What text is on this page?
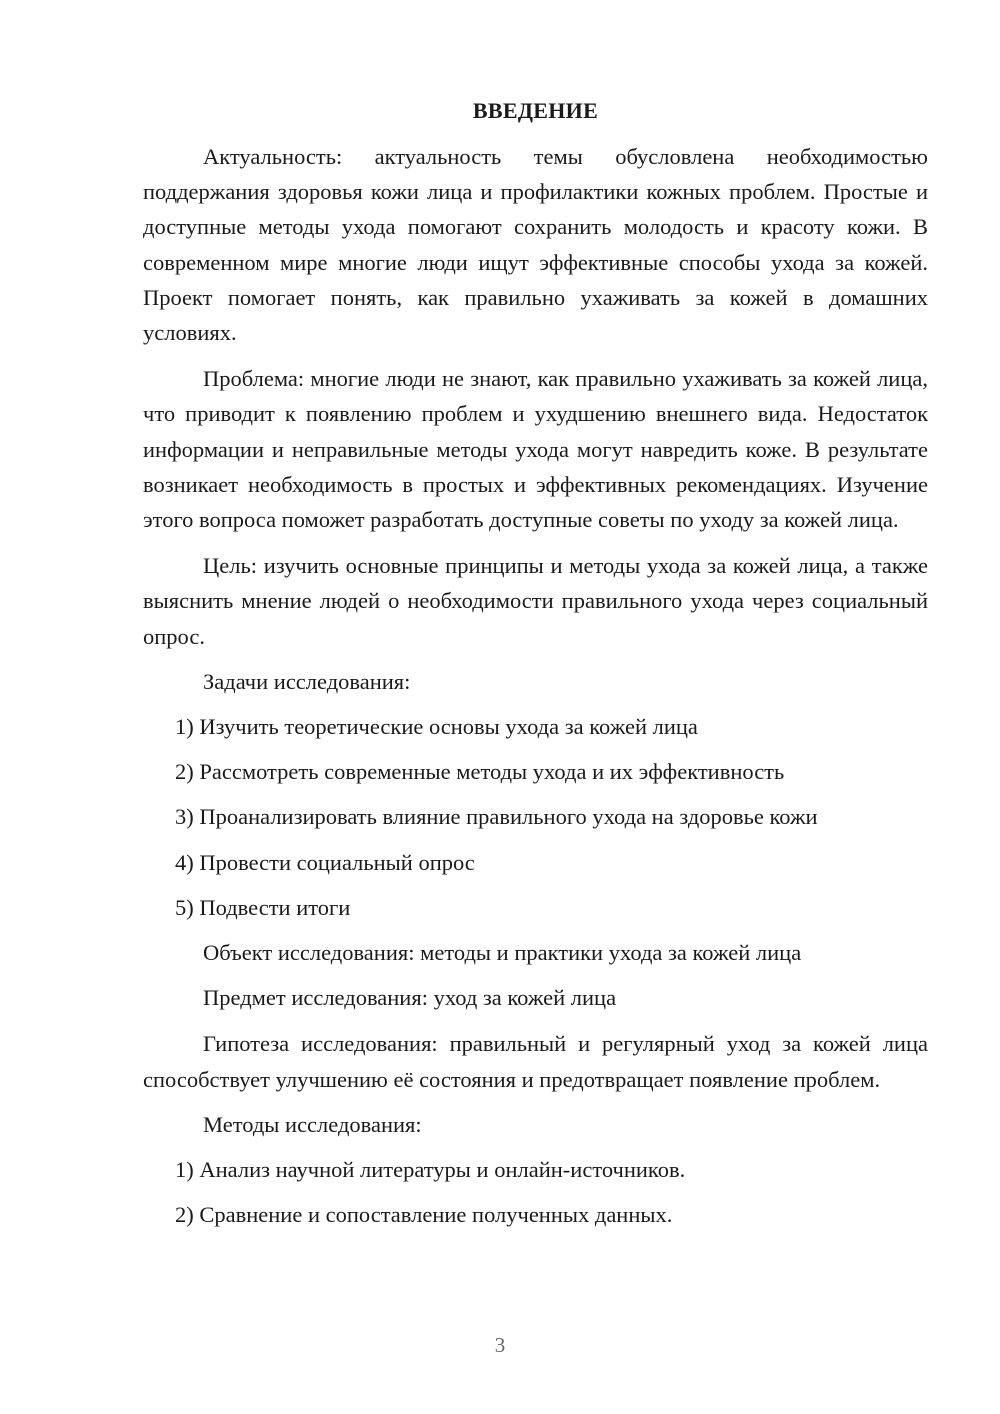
ВВЕДЕНИЕ

Актуальность: актуальность темы обусловлена необходимостью поддержания здоровья кожи лица и профилактики кожных проблем. Простые и доступные методы ухода помогают сохранить молодость и красоту кожи. В современном мире многие люди ищут эффективные способы ухода за кожей. Проект помогает понять, как правильно ухаживать за кожей в домашних условиях.

Проблема: многие люди не знают, как правильно ухаживать за кожей лица, что приводит к появлению проблем и ухудшению внешнего вида. Недостаток информации и неправильные методы ухода могут навредить коже. В результате возникает необходимость в простых и эффективных рекомендациях. Изучение этого вопроса поможет разработать доступные советы по уходу за кожей лица.

Цель: изучить основные принципы и методы ухода за кожей лица, а также выяснить мнение людей о необходимости правильного ухода через социальный опрос.

Задачи исследования:

1) Изучить теоретические основы ухода за кожей лица

2) Рассмотреть современные методы ухода и их эффективность

3) Проанализировать влияние правильного ухода на здоровье кожи

4) Провести социальный опрос

5) Подвести итоги

Объект исследования: методы и практики ухода за кожей лица

Предмет исследования: уход за кожей лица

Гипотеза исследования: правильный и регулярный уход за кожей лица способствует улучшению её состояния и предотвращает появление проблем.

Методы исследования:

1) Анализ научной литературы и онлайн-источников.

2) Сравнение и сопоставление полученных данных.

3
